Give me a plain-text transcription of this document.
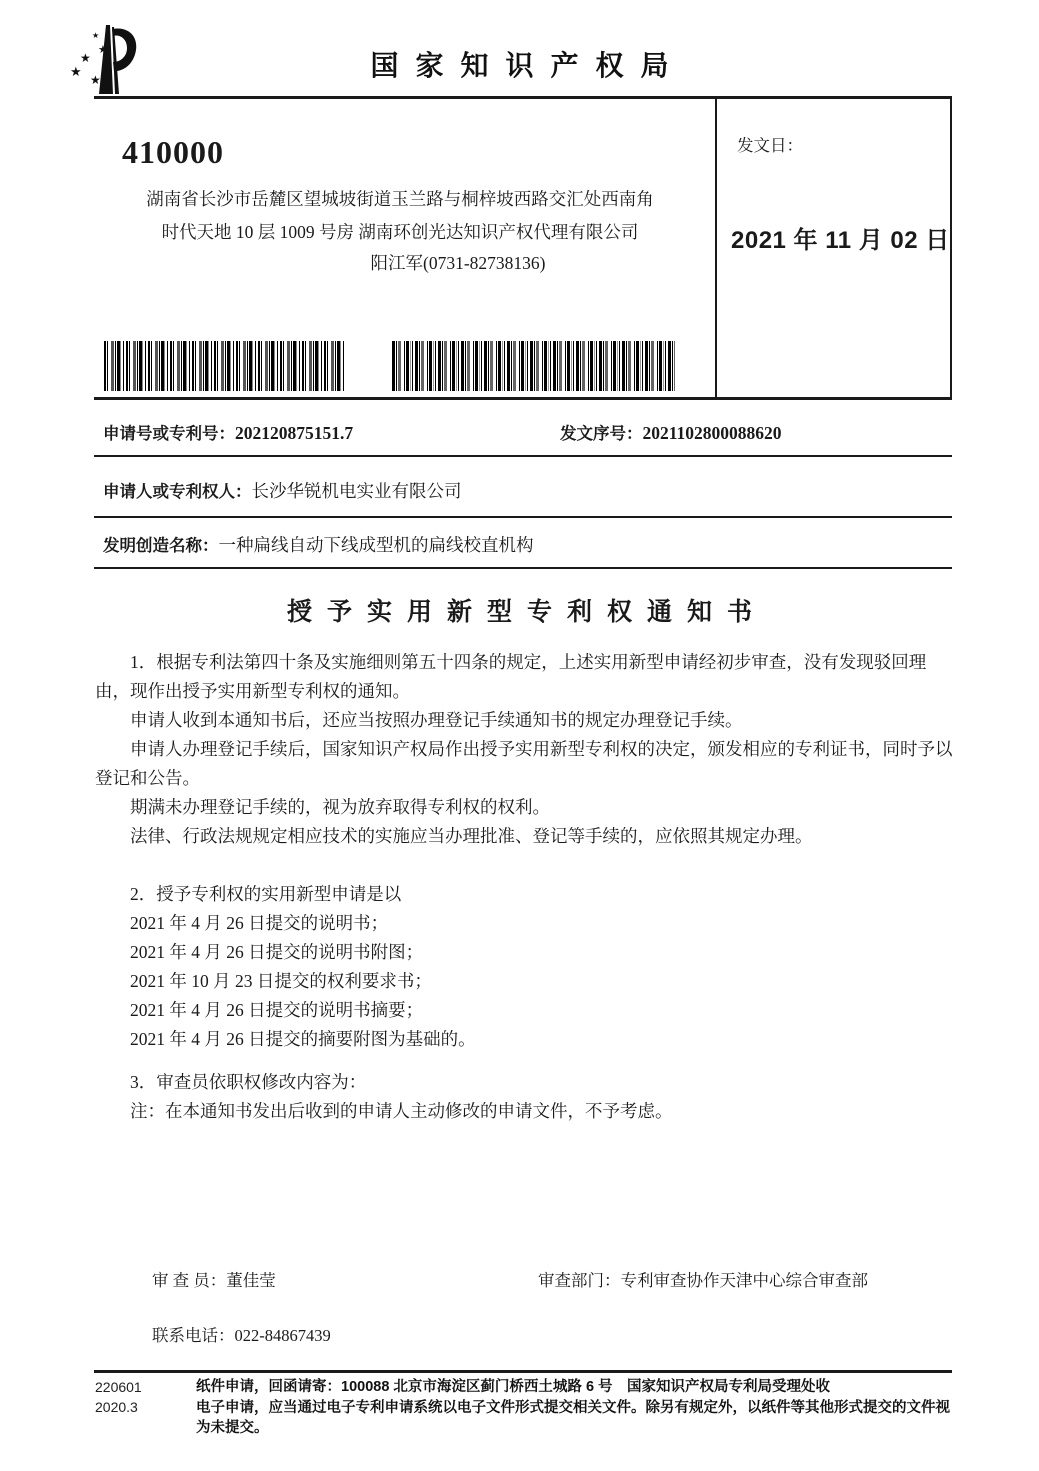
★
★
★
★ ★	国家知识产权局
410000
湖南省长沙市岳麓区望城坡街道玉兰路与桐梓坡西路交汇处西南角
时代天地 10 层 1009 号房 湖南环创光达知识产权代理有限公司
阳江军(0731-82738136)
发文日：
2021 年 11 月 02 日
申请号或专利号：202120875151.7	发文序号：2021102800088620
申请人或专利权人：长沙华锐机电实业有限公司
发明创造名称：一种扁线自动下线成型机的扁线校直机构
授予实用新型专利权通知书

1．根据专利法第四十条及实施细则第五十四条的规定，上述实用新型申请经初步审查，没有发现驳回理由，现作出授予实用新型专利权的通知。

申请人收到本通知书后，还应当按照办理登记手续通知书的规定办理登记手续。

申请人办理登记手续后，国家知识产权局作出授予实用新型专利权的决定，颁发相应的专利证书，同时予以登记和公告。

期满未办理登记手续的，视为放弃取得专利权的权利。

法律、行政法规规定相应技术的实施应当办理批准、登记等手续的，应依照其规定办理。

2．授予专利权的实用新型申请是以

2021 年 4 月 26 日提交的说明书；

2021 年 4 月 26 日提交的说明书附图；

2021 年 10 月 23 日提交的权利要求书；

2021 年 4 月 26 日提交的说明书摘要；

2021 年 4 月 26 日提交的摘要附图为基础的。

3．审查员依职权修改内容为：

注：在本通知书发出后收到的申请人主动修改的申请文件，不予考虑。

审 查 员：董佳莹	审查部门：专利审查协作天津中心综合审查部
联系电话：022-84867439
220601
2020.3
纸件申请，回函请寄：100088 北京市海淀区蓟门桥西土城路 6 号　国家知识产权局专利局受理处收
电子申请，应当通过电子专利申请系统以电子文件形式提交相关文件。除另有规定外，以纸件等其他形式提交的文件视为未提交。
